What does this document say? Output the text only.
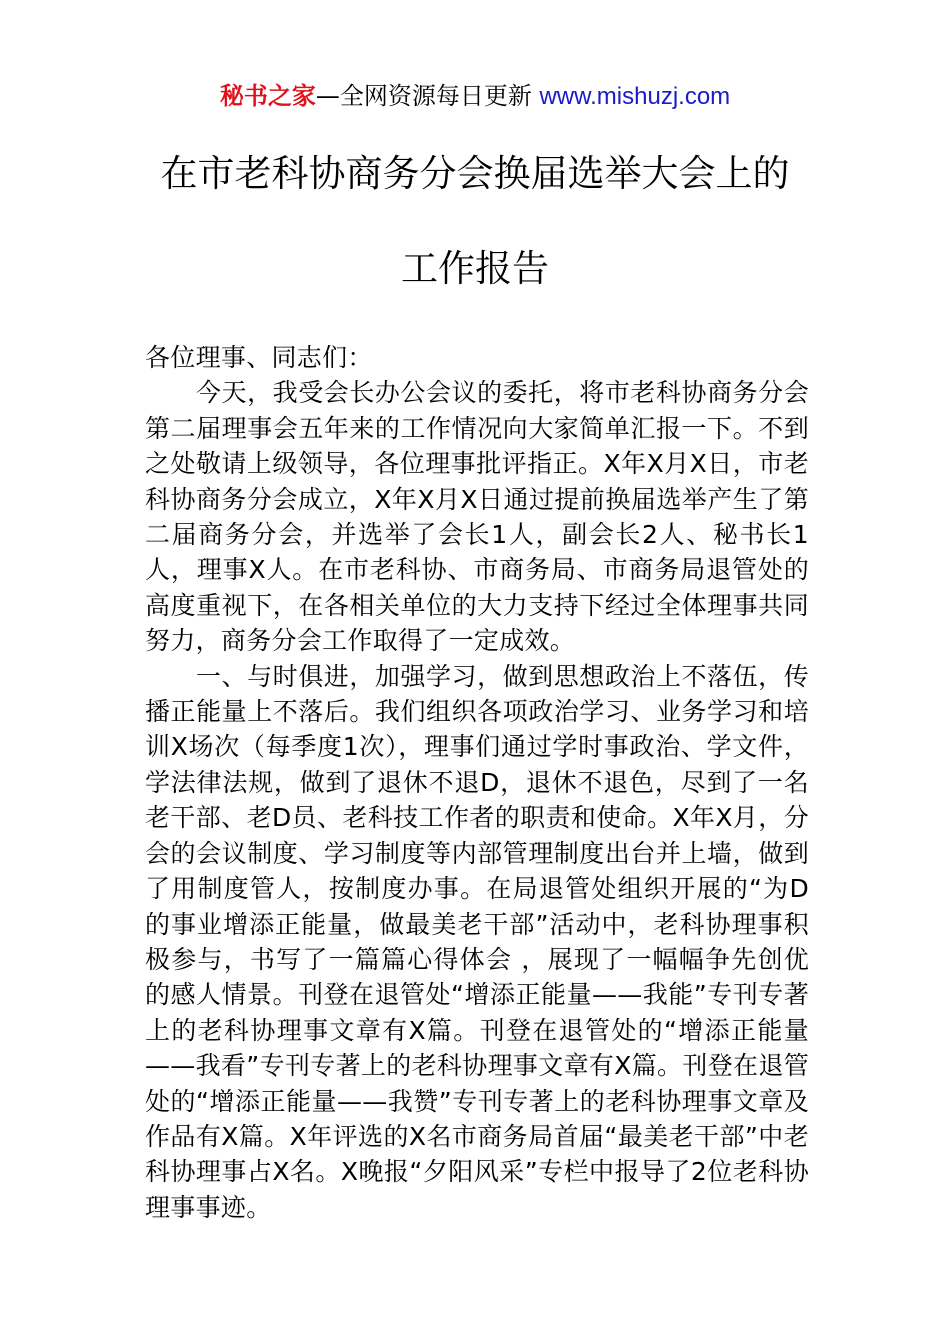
秘书之家—全网资源每日更新 www.mishuzj.com
在市老科协商务分会换届选举大会上的
工作报告

各位理事、同志们：

今天，我受会长办公会议的委托，将市老科协商务分会第二届理事会五年来的工作情况向大家简单汇报一下。不到之处敬请上级领导，各位理事批评指正。X年X月X日，市老科协商务分会成立，X年X月X日通过提前换届选举产生了第二届商务分会，并选举了会长1人，副会长2人、秘书长1人，理事X人。在市老科协、市商务局、市商务局退管处的高度重视下，在各相关单位的大力支持下经过全体理事共同努力，商务分会工作取得了一定成效。

一、与时俱进，加强学习，做到思想政治上不落伍，传播正能量上不落后。我们组织各项政治学习、业务学习和培训X场次（每季度1次），理事们通过学时事政治、学文件，学法律法规，做到了退休不退D，退休不退色，尽到了一名老干部、老D员、老科技工作者的职责和使命。X年X月，分会的会议制度、学习制度等内部管理制度出台并上墙，做到了用制度管人，按制度办事。在局退管处组织开展的“为D的事业增添正能量，做最美老干部”活动中，老科协理事积极参与，书写了一篇篇心得体会 ，展现了一幅幅争先创优的感人情景。刊登在退管处“增添正能量——我能”专刊专著上的老科协理事文章有X篇。刊登在退管处的“增添正能量——我看”专刊专著上的老科协理事文章有X篇。刊登在退管处的“增添正能量——我赞”专刊专著上的老科协理事文章及作品有X篇。X年评选的X名市商务局首届“最美老干部”中老科协理事占X名。X晚报“夕阳风采”专栏中报导了2位老科协理事事迹。
